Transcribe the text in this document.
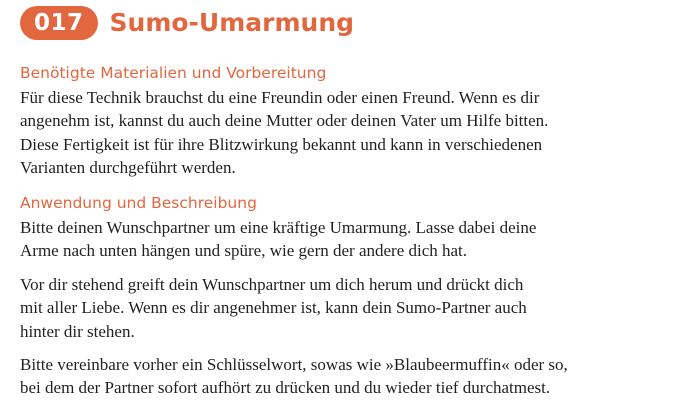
017	Sumo-Umarmung
Benötigte Materialien und Vorbereitung

Für diese Technik brauchst du eine Freundin oder einen Freund. Wenn es dir
angenehm ist, kannst du auch deine Mutter oder deinen Vater um Hilfe bitten.
Diese Fertigkeit ist für ihre Blitzwirkung bekannt und kann in verschiedenen
Varianten durchgeführt werden.

Anwendung und Beschreibung

Bitte deinen Wunschpartner um eine kräftige Umarmung. Lasse dabei deine
Arme nach unten hängen und spüre, wie gern der andere dich hat.

Vor dir stehend greift dein Wunschpartner um dich herum und drückt dich
mit aller Liebe. Wenn es dir angenehmer ist, kann dein Sumo-Partner auch
hinter dir stehen.

Bitte vereinbare vorher ein Schlüsselwort, sowas wie »Blaubeermuffin« oder so,
bei dem der Partner sofort aufhört zu drücken und du wieder tief durchatmest.
